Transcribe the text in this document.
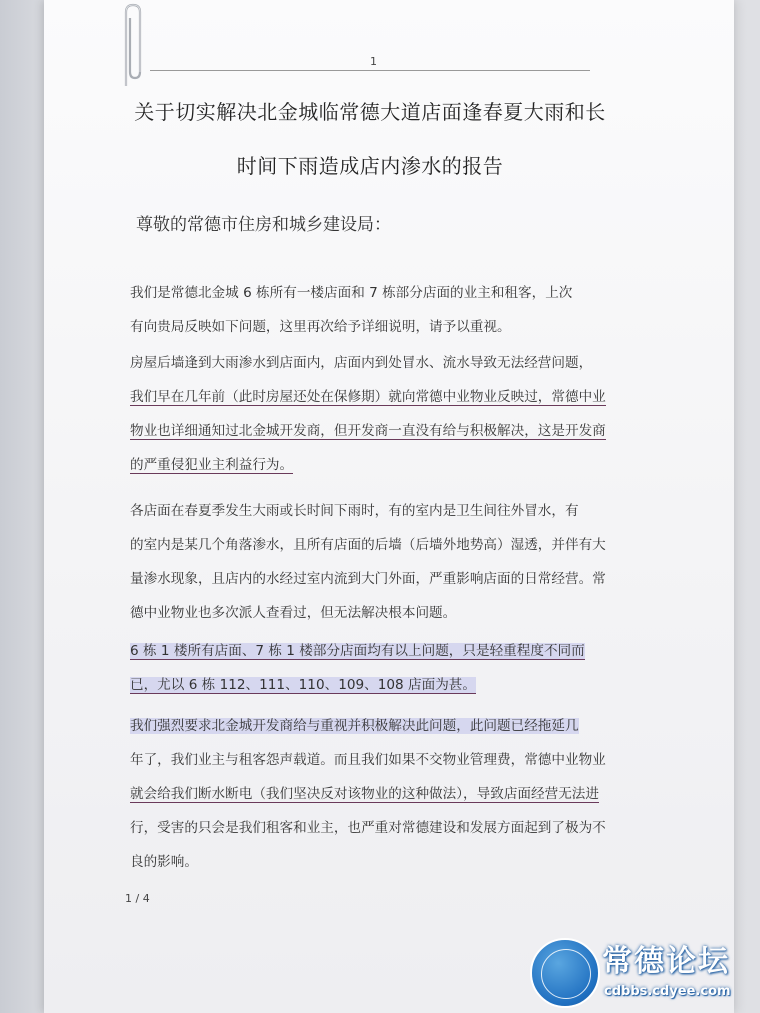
1
关于切实解决北金城临常德大道店面逢春夏大雨和长
时间下雨造成店内渗水的报告
尊敬的常德市住房和城乡建设局：
我们是常德北金城 6 栋所有一楼店面和 7 栋部分店面的业主和租客，上次
有向贵局反映如下问题，这里再次给予详细说明，请予以重视。
房屋后墙逢到大雨渗水到店面内，店面内到处冒水、流水导致无法经营问题，
我们早在几年前（此时房屋还处在保修期）就向常德中业物业反映过，常德中业
物业也详细通知过北金城开发商，但开发商一直没有给与积极解决，这是开发商
的严重侵犯业主利益行为。
各店面在春夏季发生大雨或长时间下雨时，有的室内是卫生间往外冒水，有
的室内是某几个角落渗水，且所有店面的后墙（后墙外地势高）湿透，并伴有大
量渗水现象，且店内的水经过室内流到大门外面，严重影响店面的日常经营。常
德中业物业也多次派人查看过，但无法解决根本问题。
6 栋 1 楼所有店面、7 栋 1 楼部分店面均有以上问题，只是轻重程度不同而
已，尤以 6 栋 112、111、110、109、108 店面为甚。
我们强烈要求北金城开发商给与重视并积极解决此问题，此问题已经拖延几
年了，我们业主与租客怨声载道。而且我们如果不交物业管理费，常德中业物业
就会给我们断水断电（我们坚决反对该物业的这种做法），导致店面经营无法进
行，受害的只会是我们租客和业主，也严重对常德建设和发展方面起到了极为不
良的影响。
1 / 4
常德论坛
cdbbs.cdyee.com
